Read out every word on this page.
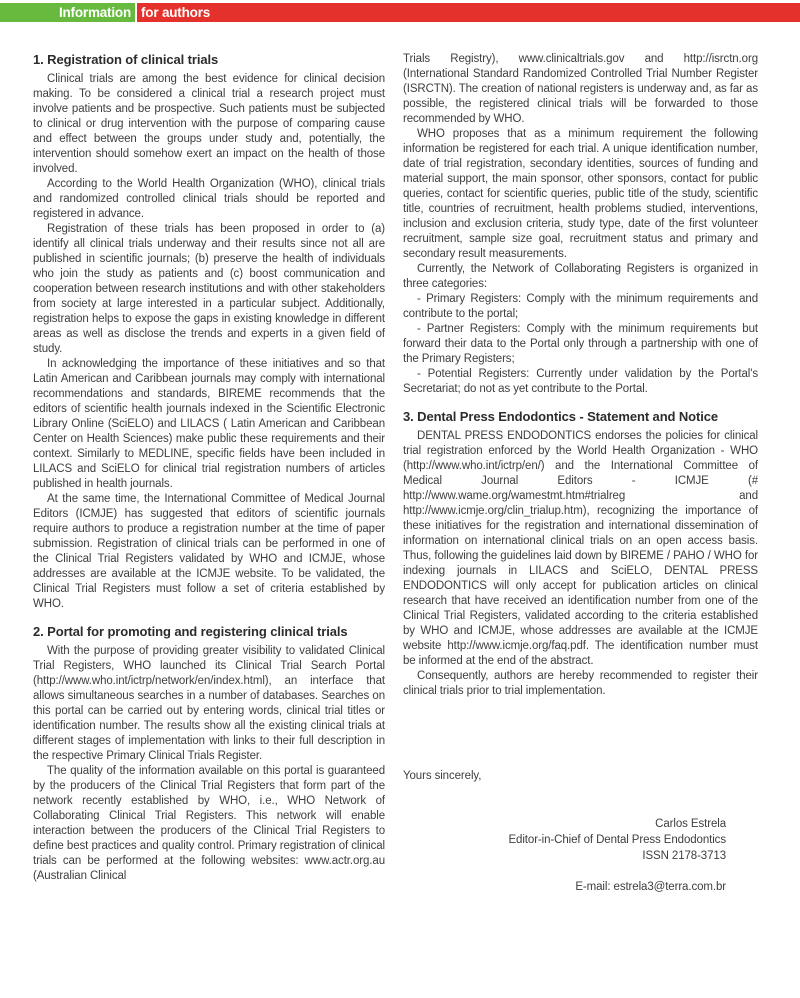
Information for authors
1. Registration of clinical trials

Clinical trials are among the best evidence for clinical decision making. To be considered a clinical trial a research project must involve patients and be prospective. Such patients must be subjected to clinical or drug intervention with the purpose of comparing cause and effect between the groups under study and, potentially, the intervention should somehow exert an impact on the health of those involved.

According to the World Health Organization (WHO), clinical trials and randomized controlled clinical trials should be reported and registered in advance.

Registration of these trials has been proposed in order to (a) identify all clinical trials underway and their results since not all are published in scientific journals; (b) preserve the health of individuals who join the study as patients and (c) boost communication and cooperation between research institutions and with other stakeholders from society at large interested in a particular subject. Additionally, registration helps to expose the gaps in existing knowledge in different areas as well as disclose the trends and experts in a given field of study.

In acknowledging the importance of these initiatives and so that Latin American and Caribbean journals may comply with international recommendations and standards, BIREME recommends that the editors of scientific health journals indexed in the Scientific Electronic Library Online (SciELO) and LILACS ( Latin American and Caribbean Center on Health Sciences) make public these requirements and their context. Similarly to MEDLINE, specific fields have been included in LILACS and SciELO for clinical trial registration numbers of articles published in health journals.

At the same time, the International Committee of Medical Journal Editors (ICMJE) has suggested that editors of scientific journals require authors to produce a registration number at the time of paper submission. Registration of clinical trials can be performed in one of the Clinical Trial Registers validated by WHO and ICMJE, whose addresses are available at the ICMJE website. To be validated, the Clinical Trial Registers must follow a set of criteria established by WHO.

2. Portal for promoting and registering clinical trials

With the purpose of providing greater visibility to validated Clinical Trial Registers, WHO launched its Clinical Trial Search Portal (http://www.who.int/ictrp/network/en/index.html), an interface that allows simultaneous searches in a number of databases. Searches on this portal can be carried out by entering words, clinical trial titles or identification number. The results show all the existing clinical trials at different stages of implementation with links to their full description in the respective Primary Clinical Trials Register.

The quality of the information available on this portal is guaranteed by the producers of the Clinical Trial Registers that form part of the network recently established by WHO, i.e., WHO Network of Collaborating Clinical Trial Registers. This network will enable interaction between the producers of the Clinical Trial Registers to define best practices and quality control. Primary registration of clinical trials can be performed at the following websites: www.actr.org.au (Australian Clinical

Trials Registry), www.clinicaltrials.gov and http://isrctn.org (International Standard Randomized Controlled Trial Number Register (ISRCTN). The creation of national registers is underway and, as far as possible, the registered clinical trials will be forwarded to those recommended by WHO.

WHO proposes that as a minimum requirement the following information be registered for each trial. A unique identification number, date of trial registration, secondary identities, sources of funding and material support, the main sponsor, other sponsors, contact for public queries, contact for scientific queries, public title of the study, scientific title, countries of recruitment, health problems studied, interventions, inclusion and exclusion criteria, study type, date of the first volunteer recruitment, sample size goal, recruitment status and primary and secondary result measurements.

Currently, the Network of Collaborating Registers is organized in three categories:

- Primary Registers: Comply with the minimum requirements and contribute to the portal;

- Partner Registers: Comply with the minimum requirements but forward their data to the Portal only through a partnership with one of the Primary Registers;

- Potential Registers: Currently under validation by the Portal's Secretariat; do not as yet contribute to the Portal.

3. Dental Press Endodontics - Statement and Notice

DENTAL PRESS ENDODONTICS endorses the policies for clinical trial registration enforced by the World Health Organization - WHO (http://www.who.int/ictrp/en/) and the International Committee of Medical Journal Editors - ICMJE (# http://www.wame.org/wamestmt.htm#trialreg and http://www.icmje.org/clin_trialup.htm), recognizing the importance of these initiatives for the registration and international dissemination of information on international clinical trials on an open access basis. Thus, following the guidelines laid down by BIREME / PAHO / WHO for indexing journals in LILACS and SciELO, DENTAL PRESS ENDODONTICS will only accept for publication articles on clinical research that have received an identification number from one of the Clinical Trial Registers, validated according to the criteria established by WHO and ICMJE, whose addresses are available at the ICMJE website http://www.icmje.org/faq.pdf. The identification number must be informed at the end of the abstract.

Consequently, authors are hereby recommended to register their clinical trials prior to trial implementation.

Yours sincerely,

Carlos Estrela
Editor-in-Chief of Dental Press Endodontics
ISSN 2178-3713
E-mail: estrela3@terra.com.br
